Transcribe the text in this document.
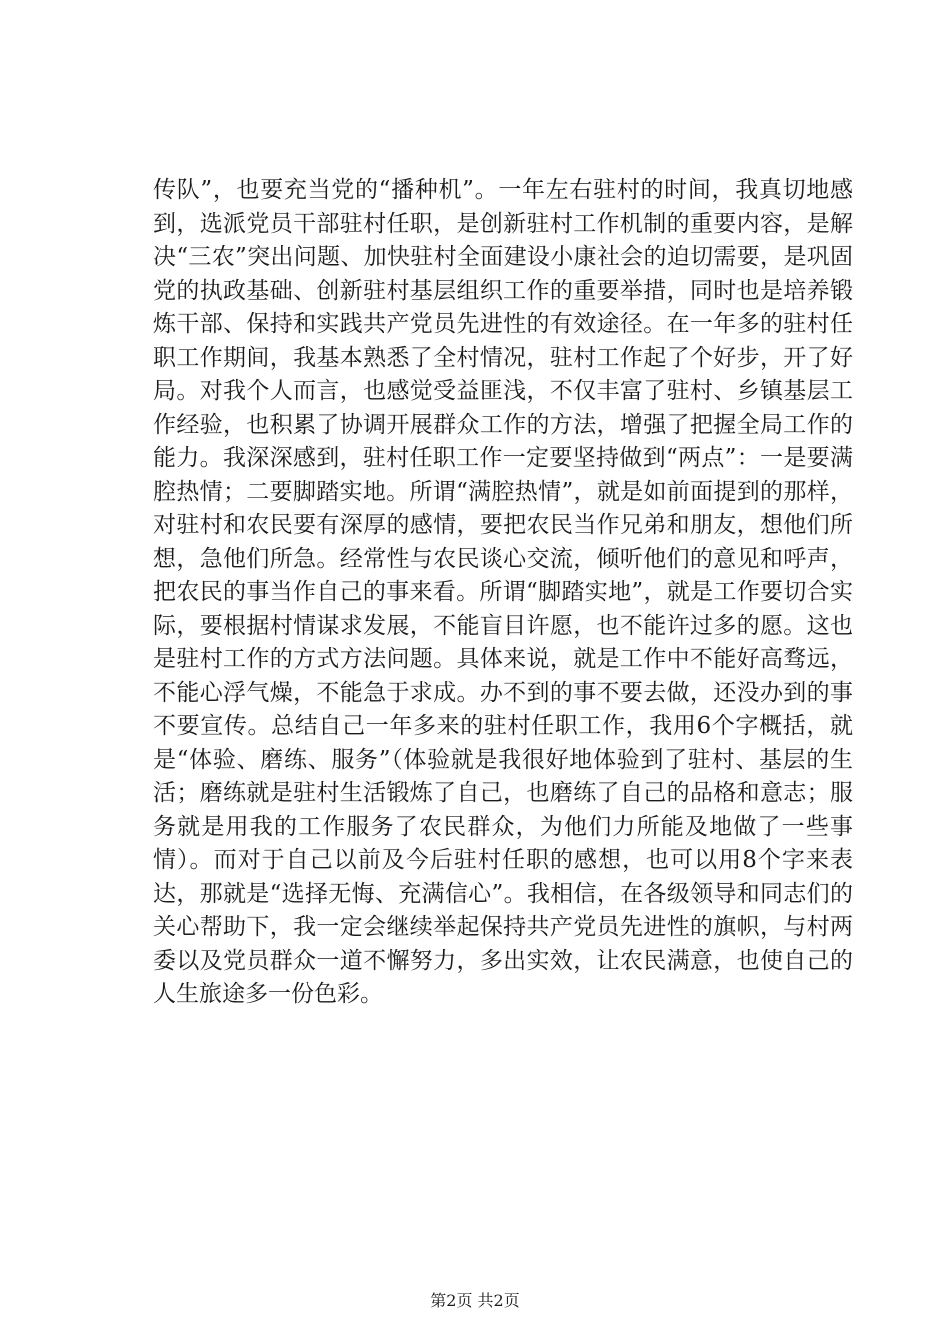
传队”，也要充当党的“播种机”。一年左右驻村的时间，我真切地感到，选派党员干部驻村任职，是创新驻村工作机制的重要内容，是解决“三农”突出问题、加快驻村全面建设小康社会的迫切需要，是巩固党的执政基础、创新驻村基层组织工作的重要举措，同时也是培养锻炼干部、保持和实践共产党员先进性的有效途径。在一年多的驻村任职工作期间，我基本熟悉了全村情况，驻村工作起了个好步，开了好局。对我个人而言，也感觉受益匪浅，不仅丰富了驻村、乡镇基层工作经验，也积累了协调开展群众工作的方法，增强了把握全局工作的能力。我深深感到，驻村任职工作一定要坚持做到“两点”：一是要满腔热情；二要脚踏实地。所谓“满腔热情”，就是如前面提到的那样，对驻村和农民要有深厚的感情，要把农民当作兄弟和朋友，想他们所想，急他们所急。经常性与农民谈心交流，倾听他们的意见和呼声，把农民的事当作自己的事来看。所谓“脚踏实地”，就是工作要切合实际，要根据村情谋求发展，不能盲目许愿，也不能许过多的愿。这也是驻村工作的方式方法问题。具体来说，就是工作中不能好高骛远，不能心浮气燥，不能急于求成。办不到的事不要去做，还没办到的事不要宣传。总结自己一年多来的驻村任职工作，我用6个字概括，就是“体验、磨练、服务”（体验就是我很好地体验到了驻村、基层的生活；磨练就是驻村生活锻炼了自己，也磨练了自己的品格和意志；服务就是用我的工作服务了农民群众，为他们力所能及地做了一些事情）。而对于自己以前及今后驻村任职的感想，也可以用8个字来表达，那就是“选择无悔、充满信心”。我相信，在各级领导和同志们的关心帮助下，我一定会继续举起保持共产党员先进性的旗帜，与村两委以及党员群众一道不懈努力，多出实效，让农民满意，也使自己的人生旅途多一份色彩。

第2页 共2页
